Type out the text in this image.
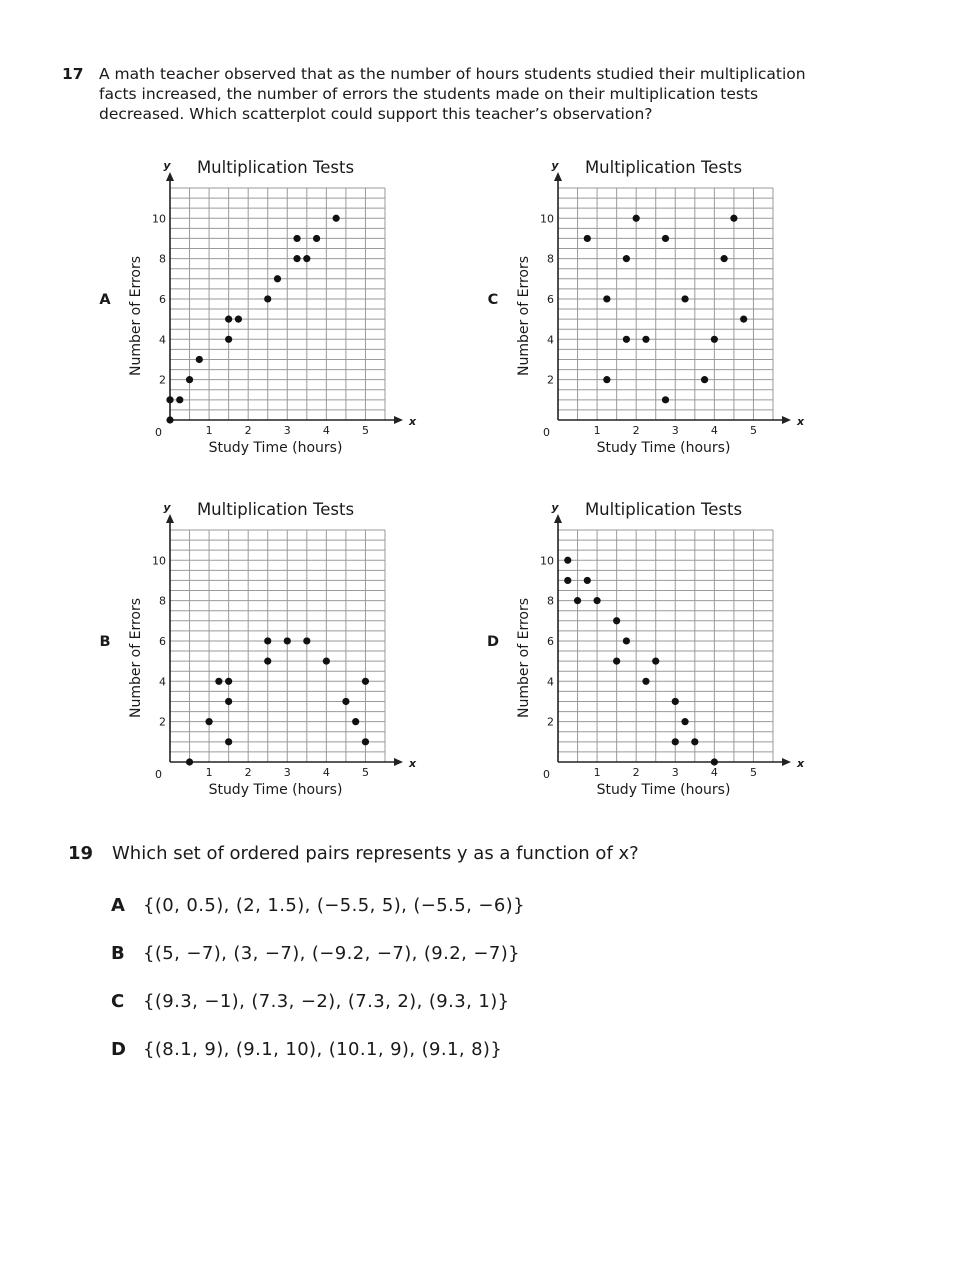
17 A math teacher observed that as the number of hours students studied their multiplication
facts increased, the number of errors the students made on their multiplication tests
decreased. Which scatterplot could support this teacher’s observation?
Multiplication Tests
x
y
1	2	3	4	5
2
4
6
8
10
0
Study Time (hours)
Number of Errors
A
Multiplication Tests
x
y
1	2	3	4	5
2
4
6
8
10
0
Study Time (hours)
Number of Errors
C
Multiplication Tests
x
y
1	2	3	4	5
2
4
6
8
10
0
Study Time (hours)
Number of Errors
B
Multiplication Tests
x
y
1	2	3	4	5
2
4
6
8
10
0
Study Time (hours)
Number of Errors
D
19 Which set of ordered pairs represents y as a function of x?
A {(0, 0.5), (2, 1.5), (−5.5, 5), (−5.5, −6)}
B {(5, −7), (3, −7), (−9.2, −7), (9.2, −7)}
C {(9.3, −1), (7.3, −2), (7.3, 2), (9.3, 1)}
D {(8.1, 9), (9.1, 10), (10.1, 9), (9.1, 8)}
